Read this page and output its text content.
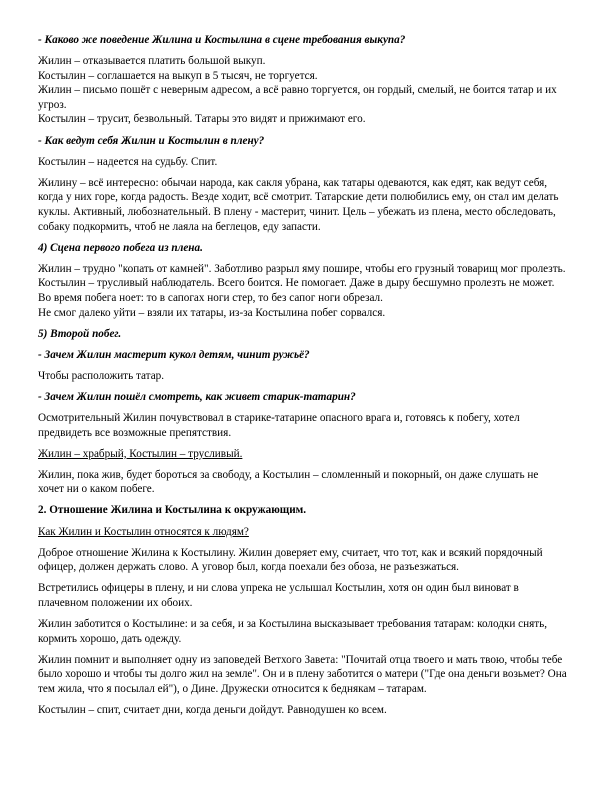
- Каково же поведение Жилина и Костылина в сцене требования выкупа?

Жилин – отказывается платить большой выкуп.

Костылин – соглашается на выкуп в 5 тысяч, не торгуется.

Жилин – письмо пошёт с неверным адресом, а всё равно торгуется, он гордый, смелый, не боится татар и их угроз.

Костылин – трусит, безвольный. Татары это видят и прижимают его.

- Как ведут себя Жилин и Костылин в плену?

Костылин – надеется на судьбу. Спит.

Жилину – всё интересно: обычаи народа, как сакля убрана, как татары одеваются, как едят, как ведут себя, когда у них горе, когда радость. Везде ходит, всё смотрит. Татарские дети полюбились ему, он стал им делать куклы. Активный, любознательный. В плену - мастерит, чинит. Цель – убежать из плена, место обследовать, собаку подкормить, чтоб не лаяла на беглецов, еду запасти.

4) Сцена первого побега из плена.

Жилин – трудно "копать от камней". Заботливо разрыл яму пошире, чтобы его грузный товарищ мог пролезть.

Костылин – трусливый наблюдатель. Всего боится. Не помогает. Даже в дыру бесшумно пролезть не может. Во время побега ноет: то в сапогах ноги стер, то без сапог ноги обрезал.

Не смог далеко уйти – взяли их татары, из-за Костылина побег сорвался.

5) Второй побег.

- Зачем Жилин мастерит кукол детям, чинит ружьё?

Чтобы расположить татар.

- Зачем Жилин пошёл смотреть, как живет старик-татарин?

Осмотрительный Жилин почувствовал в старике-татарине опасного врага и, готовясь к побегу, хотел предвидеть все возможные препятствия.

Жилин – храбрый, Костылин – трусливый.

Жилин, пока жив, будет бороться за свободу, а Костылин – сломленный и покорный, он даже слушать не хочет ни о каком побеге.

2. Отношение Жилина и Костылина к окружающим.

Как Жилин и Костылин относятся к людям?

Доброе отношение Жилина к Костылину. Жилин доверяет ему, считает, что тот, как и всякий порядочный офицер, должен держать слово. А уговор был, когда поехали без обоза, не разъезжаться.

Встретились офицеры в плену, и ни слова упрека не услышал Костылин, хотя он один был виноват в плачевном положении их обоих.

Жилин заботится о Костылине: и за себя, и за Костылина высказывает требования татарам: колодки снять, кормить хорошо, дать одежду.

Жилин помнит и выполняет одну из заповедей Ветхого Завета: "Почитай отца твоего и мать твою, чтобы тебе было хорошо и чтобы ты долго жил на земле". Он и в плену заботится о матери ("Где она деньги возьмет? Она тем жила, что я посылал ей"), о Дине. Дружески относится к беднякам – татарам.

Костылин – спит, считает дни, когда деньги дойдут. Равнодушен ко всем.
